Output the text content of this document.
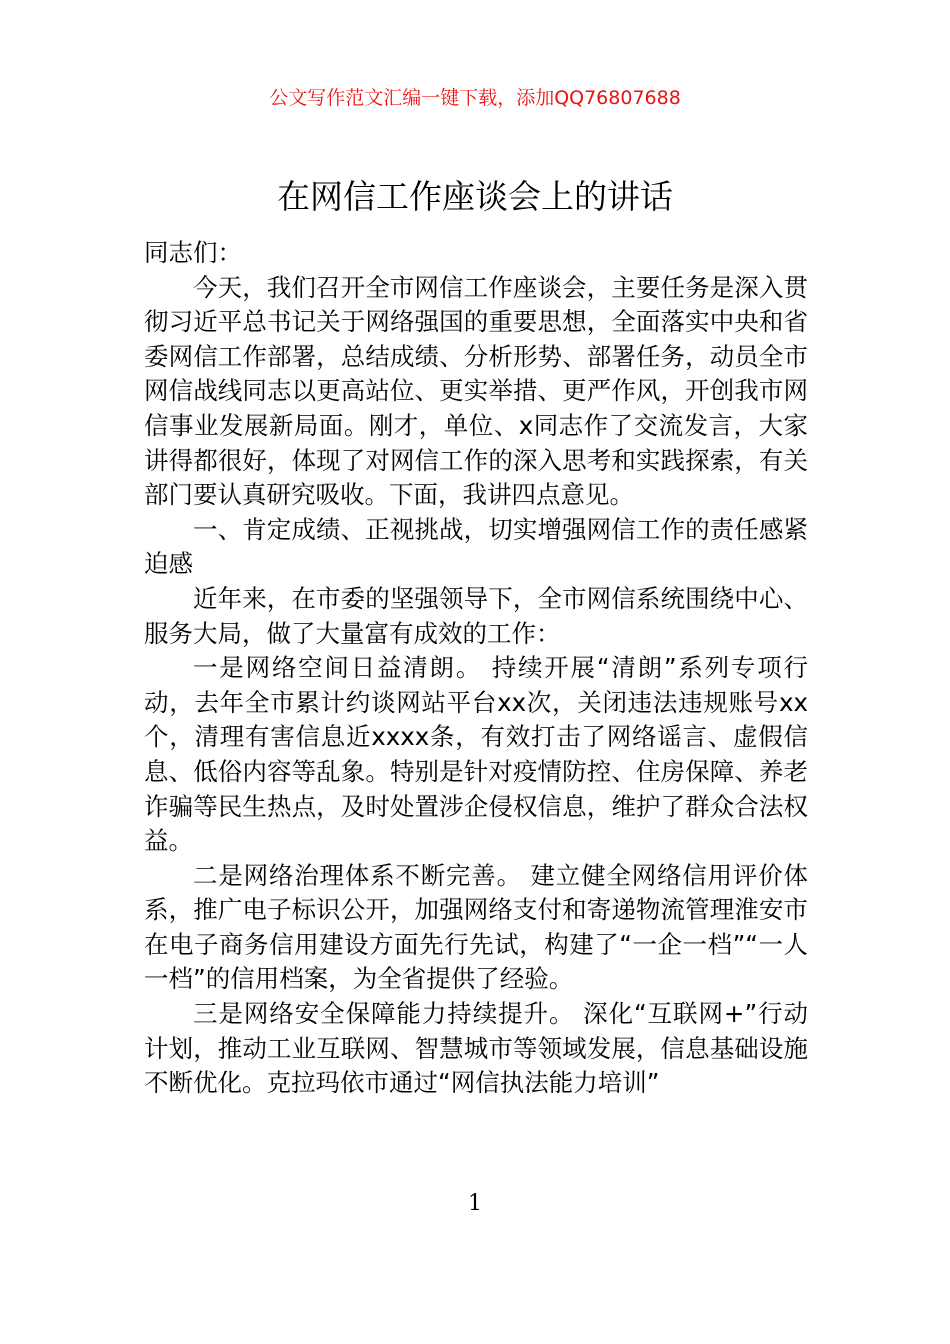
公文写作范文汇编一键下载，添加QQ76807688
在网信工作座谈会上的讲话

同志们：

今天，我们召开全市网信工作座谈会，主要任务是深入贯彻习近平总书记关于网络强国的重要思想，全面落实中央和省委网信工作部署，总结成绩、分析形势、部署任务，动员全市网信战线同志以更高站位、更实举措、更严作风，开创我市网信事业发展新局面。刚才，单位、x同志作了交流发言，大家讲得都很好，体现了对网信工作的深入思考和实践探索，有关部门要认真研究吸收。下面，我讲四点意见。

一、肯定成绩、正视挑战，切实增强网信工作的责任感紧迫感

近年来，在市委的坚强领导下，全市网信系统围绕中心、服务大局，做了大量富有成效的工作：

一是网络空间日益清朗。 持续开展“清朗”系列专项行动，去年全市累计约谈网站平台xx次，关闭违法违规账号xx个，清理有害信息近xxxx条，有效打击了网络谣言、虚假信息、低俗内容等乱象。特别是针对疫情防控、住房保障、养老诈骗等民生热点，及时处置涉企侵权信息，维护了群众合法权益。

二是网络治理体系不断完善。 建立健全网络信用评价体系，推广电子标识公开，加强网络支付和寄递物流管理淮安市在电子商务信用建设方面先行先试，构建了“一企一档”“一人一档”的信用档案，为全省提供了经验。

三是网络安全保障能力持续提升。 深化“互联网+”行动计划，推动工业互联网、智慧城市等领域发展，信息基础设施不断优化。克拉玛依市通过“网信执法能力培训”

1
